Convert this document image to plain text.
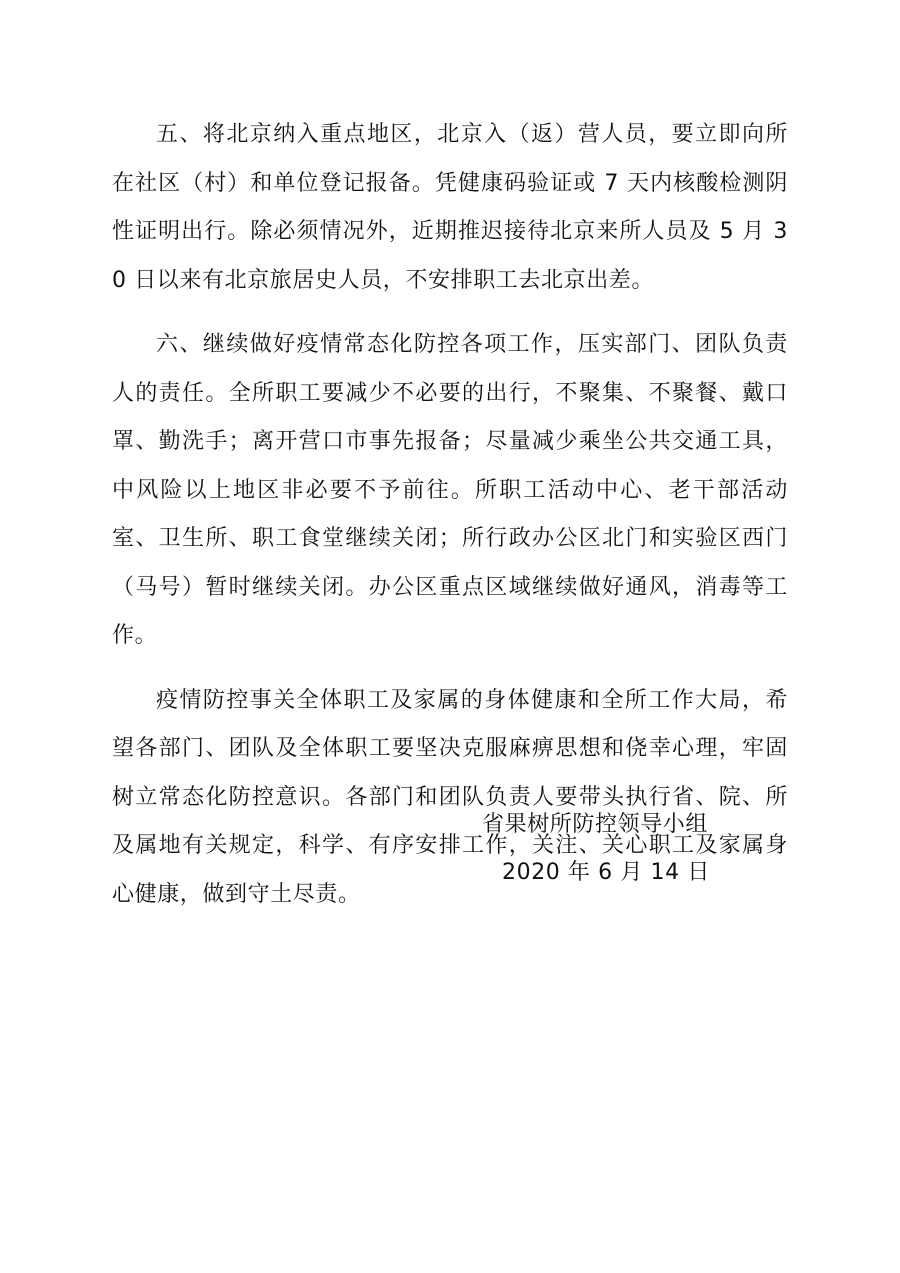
五、将北京纳入重点地区，北京入（返）营人员，要立即向所在社区（村）和单位登记报备。凭健康码验证或 7 天内核酸检测阴性证明出行。除必须情况外，近期推迟接待北京来所人员及 5 月 30 日以来有北京旅居史人员，不安排职工去北京出差。

六、继续做好疫情常态化防控各项工作，压实部门、团队负责人的责任。全所职工要减少不必要的出行，不聚集、不聚餐、戴口罩、勤洗手；离开营口市事先报备；尽量减少乘坐公共交通工具，中风险以上地区非必要不予前往。所职工活动中心、老干部活动室、卫生所、职工食堂继续关闭；所行政办公区北门和实验区西门（马号）暂时继续关闭。办公区重点区域继续做好通风，消毒等工作。

疫情防控事关全体职工及家属的身体健康和全所工作大局，希望各部门、团队及全体职工要坚决克服麻痹思想和侥幸心理，牢固树立常态化防控意识。各部门和团队负责人要带头执行省、院、所及属地有关规定，科学、有序安排工作，关注、关心职工及家属身心健康，做到守土尽责。

省果树所防控领导小组

2020 年 6 月 14 日
